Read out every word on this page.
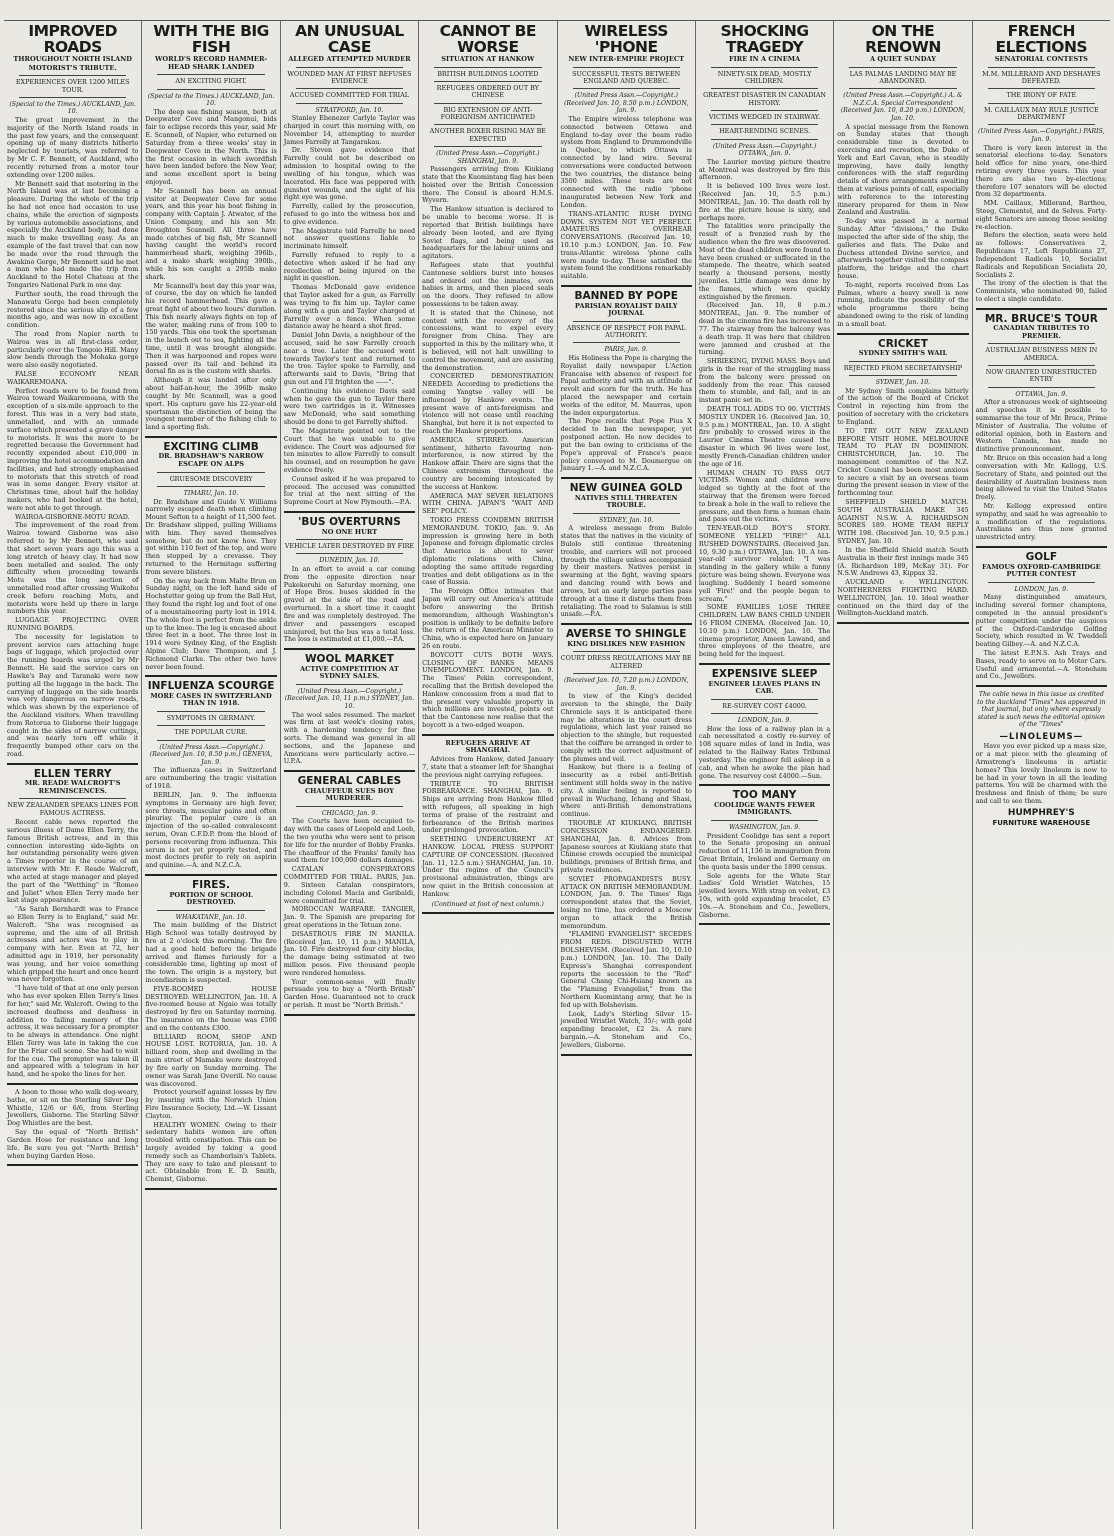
IMPROVED ROADS
THROUGHOUT NORTH ISLAND
MOTORIST'S TRIBUTE.
EXPERIENCES OVER 1200 MILES TOUR.
(Special to the Times.) AUCKLAND, Jan. 10.

The great improvement in the majority of the North Island roads in the past few years, and the consequent opening up of many districts hitherto neglected by tourists, was referred to by Mr C. F. Bennett, of Auckland, who recently returned from a motor tour extending over 1200 miles.

Mr Bennett said that motoring in the North Island was at last becoming a pleasure. During the whole of the trip he had not once had occasion to use chains, while the erection of signposts by various automobile associations, and especially the Auckland body, had done much to make travelling easy. As an example of the fast travel that can now be made over the road through the Awakino Gorge, Mr Bennett said he met a man who had made the trip from Auckland to the Hotel Chateau at the Tongariro National Park in one day.

Further south, the road through the Manawatu Gorge had been completely restored since the serious slip of a few months ago, and was now in excellent condition.

The road from Napier north to Wairoa was in all first-class order, particularly over the Tongoio Hill. Many slow bends through the Mohaka gorge were also easily negotiated.

FALSE ECONOMY NEAR WAIKAREMOANA.

Perfect roads were to be found from Wairoa toward Waikaremoana, with the exception of a six-mile approach to the forest. This was in a very bad state, unmetalled, and with an unmade surface which presented a grave danger to motorists. It was the more to be regretted because the Government had recently expended about £10,000 in improving the hotel accommodation and facilities, and had strongly emphasised to motorists that this stretch of road was in some danger. Every visitor at Christmas time, about half the holiday makers, who had booked at the hotel, were not able to get through.

WAIROA-GISBORNE-MOTU ROAD.

The improvement of the road from Wairoa toward Gisborne was also referred to by Mr Bennett, who said that short seven years ago this was a long stretch of heavy clay. It had now been metalled and sealed. The only difficulty when proceeding towards Motu was the long section of unmetalled road after crossing Waikohu creek before reaching Motu, and motorists were held up there in large numbers this year.

LUGGAGE PROJECTING OVER RUNNING BOARDS.

The necessity for legislation to prevent service cars attaching huge bags of luggage, which projected over the running boards was urged by Mr Bennett. He said the service cars on Hawke's Bay and Taranaki were now putting all the luggage in the back. The carrying of luggage on the side boards was very dangerous on narrow roads, which was shown by the experience of the Auckland visitors. When travelling from Rotorua to Gisborne their luggage caught in the sides of narrow cuttings, and was nearly torn off while it frequently bumped other cars on the road.

ELLEN TERRY
MR. READE WALCROFT'S REMINISCENCES.
NEW ZEALANDER SPEAKS LINES FOR FAMOUS ACTRESS.

Recent cable news reported the serious illness of Dame Ellen Terry, the famous British actress, and in this connection interesting side-lights on her outstanding personality were given a Times reporter in the course of an interview with Mr. F. Reade Walcroft, who acted at stage manager and played the part of the "Wetthing" in "Romeo and Juliet" when Ellen Terry made her last stage appearance.

"As Sarah Bernhardt was to France so Ellen Terry is to England," said Mr. Walcroft. "She was recognised as supreme, and the aim of all British actresses and actors was to play in company with her. Even at 72, her admitted age in 1919, her personality was young, and her voice something which gripped the heart and once heard was never forgotten.

"I have told of that at one only person who has ever spoken Ellen Terry's lines for her," said Mr. Walcroft. Owing to the increased deafness and deafness in addition to failing memory of the actress, it was necessary for a prompter to be always in attendance. One night Ellen Terry was late in taking the cue for the Friar cell scene. She had to wait for the cue. The prompter was taken ill and appeared with a telegram in her hand, and he spoke the lines for her.

A boon to those who walk dog-weary, bathe, or sit on the Sterling Silver Dog Whistle, 12/6 or 6/6, from Sterling Jewellers, Gisborne. The Sterling Silver Dog Whistles are the best.

Say the equal of "North British" Garden Hose for resistance and long life. Be sure you get "North British" when buying Garden Hose.

WITH THE BIG FISH
WORLD'S RECORD HAMMER-HEAD SHARK LANDED
AN EXCITING FIGHT.
(Special to the Times.) AUCKLAND, Jan. 10.

The deep sea fishing season, both at Deepwater Cove and Mangonui, bids fair to eclipse records this year, said Mr E. Scannell, of Napier, who returned on Saturday from a three weeks' stay in Deepwater Cove in the North. This is the first occasion in which swordfish have been landed before the New Year, and some excellent sport is being enjoyed.

Mr Scannell has been an annual visitor at Deepwater Cove for some years, and this year his boat fishing in company with Captain J. Atwater, of the Union Company, and his son Mr. Broughton Scannell. All three have made catches of big fish, Mr Scannell having caught the world's record hammerhead shark, weighing 396lb., and a mako shark weighing 390lb., while his son caught a 295lb mako shark.

Mr Scannell's best day this year was, of course, the day on which he landed his record hammerhead. This gave a great fight of about two hours' duration. This fish nearly always fights on top of the water, making runs of from 100 to 150 yards. This one took the sportsman in the launch out to sea, fighting all the time, until it was brought alongside. Then it was harpooned and ropes were passed over its tail and behind its dorsal fin as is the custom with sharks.

Although it was landed after only about half-an-hour, the 396lb mako caught by Mr. Scannell, was a good sport. His capture gave his 22-year-old sportsman the distinction of being the youngest member of the fishing club to land a sporting fish.

EXCITING CLIMB
DR. BRADSHAW'S NARROW ESCAPE ON ALPS
GRUESOME DISCOVERY
TIMARU, Jan. 10.

Dr. Bradshaw and Guide V. Williams narrowly escaped death when climbing Mount Sefton to a height of 11,500 feet. Dr. Bradshaw slipped, pulling Williams with him. They saved themselves somehow, but do not know how. They got within 110 feet of the top, and were then stopped by a crevasse. They returned to the Hermitage suffering from severe blisters.

On the way back from Malte Brun on Sunday night, on the left hand side of Hochstetter going up from the Ball Hut, they found the right leg and foot of one of a mountaineering party lost in 1914. The whole foot is perfect from the ankle up to the knee. The leg is encased about three feet in a boot. The three lost in 1914 were Sydney King, of the English Alpine Club; Dave Thompson, and J. Richmond Clarke. The other two have never been found.

INFLUENZA SCOURGE
MORE CASES IN SWITZERLAND THAN IN 1918.
SYMPTOMS IN GERMANY.
THE POPULAR CURE.
(United Press Assn.—Copyright.) (Received Jan. 10, 8.50 p.m.) GENEVA, Jan. 9.

The influenza cases in Switzerland are outnumbering the tragic visitation of 1918.

BERLIN, Jan. 9. The influenza symptoms in Germany are high fever, sore throats, muscular pains and often pleurisy. The popular cure is an injection of the so-called convalescent serum, Ovan C.F.D.P. from the blood of persons recovering from influenza. This serum is not yet properly tested, and most doctors prefer to rely on aspirin and quinine.—A. and N.Z.C.A.

FIRES.
PORTION OF SCHOOL DESTROYED.
WHAKATANE, Jan. 10.

The main building of the District High School was totally destroyed by fire at 2 o'clock this morning. The fire had a good hold before the brigade arrived and flames furiously for a considerable time, lighting up most of the town. The origin is a mystery, but incendiarism is suspected.

FIVE-ROOMED HOUSE DESTROYED. WELLINGTON, Jan. 10. A five-roomed house at Ngaio was totally destroyed by fire on Saturday morning. The insurance on the house was £500 and on the contents £300.

BILLIARD ROOM, SHOP AND HOUSE LOST. ROTORUA, Jan. 10. A billiard room, shop and dwelling in the main street of Mamaku were destroyed by fire early on Sunday morning. The owner was Sarah Jane Overill. No cause was discovered.

Protect yourself against losses by fire by insuring with the Norwich Union Fire Insurance Society, Ltd.—W. Lissant Clayton.

HEALTHY WOMEN. Owing to their sedentary habits women are often troubled with constipation. This can be largely avoided by taking a good remedy such as Chamberlain's Tablets. They are easy to take and pleasant to act. Obtainable from E. D. Smith, Chemist, Gisborne.

AN UNUSUAL CASE
ALLEGED ATTEMPTED MURDER
WOUNDED MAN AT FIRST REFUSES EVIDENCE
ACCUSED COMMITTED FOR TRIAL
STRATFORD, Jan. 10.

Stanley Ebenezer Carlyle Taylor was charged in court this morning with, on November 14, attempting to murder James Farrelly at Tangarakau.

Dr. Steven gave evidence that Farrelly could not be described on admission to hospital owing to the swelling of his tongue, which was lacerated. His face was peppered with gunshot wounds, and the sight of his right eye was gone.

Farrelly, called by the prosecution, refused to go into the witness box and to give evidence.

The Magistrate told Farrelly he need not answer questions liable to incriminate himself.

Farrelly refused to reply to a detective when asked if he had any recollection of being injured on the night in question.

Thomas McDonald gave evidence that Taylor asked for a gun, as Farrelly was trying to fix him up. Taylor came along with a gun and Taylor charged at Farrelly over a fence. When some distance away he heard a shot fired.

Daniel John Davis, a neighbour of the accused, said he saw Farrelly crouch near a tree. Later the accused went towards Taylor's tent and returned to the tree. Taylor spoke to Farrelly, and afterwards said to Davis, "Bring that gun out and I'll frighten the ——".

Continuing his evidence Davis said when he gave the gun to Taylor there were two cartridges in it. Witnesses saw McDonald, who said something should be done to get Farrelly shifted.

The Magistrate pointed out to the Court that he was unable to give evidence. The Court was adjourned for ten minutes to allow Farrelly to consult his counsel, and on resumption he gave evidence freely.

Counsel asked if he was prepared to proceed. The accused was committed for trial at the next sitting of the Supreme Court at New Plymouth.—P.A.

'BUS OVERTURNS
NO ONE HURT
VEHICLE LATER DESTROYED BY FIRE
DUNEDIN, Jan. 10.

In an effort to avoid a car coming from the opposite direction near Pukekeruhi on Saturday morning, one of Hope Bros. buses skidded in the gravel at the side of the road and overturned. In a short time it caught fire and was completely destroyed. The driver and passengers escaped uninjured, but the bus was a total loss. The loss is estimated at £1,000.—P.A.

WOOL MARKET
ACTIVE COMPETITION AT SYDNEY SALES.
(United Press Assn.—Copyright.) (Received Jan. 10, 11 p.m.) SYDNEY, Jan. 10.

The wool sales resumed. The market was firm at last week's closing rates, with a hardening tendency for fine sorts. The demand was general in all sections, and the Japanese and Americans were particularly active.—U.P.A.

GENERAL CABLES
CHAUFFEUR SUES BOY MURDERER.
CHICAGO, Jan. 9.

The Courts have been occupied to-day with the cases of Leopold and Loeb, the two youths who were sent to prison for life for the murder of Bobby Franks. The chauffeur of the Franks' family has sued them for 100,000 dollars damages.

CATALAN CONSPIRATORS COMMITTED FOR TRIAL. PARIS, Jan. 9. Sixteen Catalan conspirators, including Colonel Macia and Garibaldi, were committed for trial.

MOROCCAN WARFARE. TANGIER, Jan. 9. The Spanish are preparing for great operations in the Tetuan zone.

DISASTROUS FIRE IN MANILA. (Received Jan. 10, 11 p.m.) MANILA, Jan. 10. Fire destroyed four city blocks, the damage being estimated at two million pesos. Five thousand people were rendered homeless.

Your common-sense will finally persuade you to buy a "North British" Garden Hose. Guaranteed not to crack or perish. It must be "North British."

CANNOT BE WORSE
SITUATION AT HANKOW
BRITISH BUILDINGS LOOTED
REFUGEES ORDERED OUT BY CHINESE
BIG EXTENSION OF ANTI-FOREIGNISM ANTICIPATED
ANOTHER BOXER RISING MAY BE EXPECTED
(United Press Assn.—Copyright.) SHANGHAI, Jan. 9.

Passengers arriving from Kiukiang state that the Kuomintang flag has been hoisted over the British Concession there. The Consul is aboard H.M.S. Wyvern.

The Hankow situation is declared to be unable to become worse. It is reported that British buildings have already been looted, and are flying Soviet flags, and being used as headquarters for the labour unions and agitators.

Refugees state that youthful Cantonese soldiers burst into houses and ordered out the inmates, even babies in arms, and then placed seals on the doors. They refused to allow possessions to be taken away.

It is stated that the Chinese, not content with the recovery of the concessions, want to expel every foreigner from China. They are supported in this by the military who, it is believed, will not halt unwilling to control the movement, and are assisting the demonstration.

CONCERTED DEMONSTRATION NEEDED. According to predictions the coming Yangtse valley will be influenced by Hankow events. The present wave of anti-foreignism and violence will not cease until reaching Shanghai, but here it is not expected to reach the Hankow proportions.

AMERICA STIRRED. American sentiment, hitherto favouring non-interference, is now stirred by the Hankow affair. There are signs that the Chinese extremism throughout the country are becoming intoxicated by the success at Hankow.

AMERICA MAY SEVER RELATIONS WITH CHINA. JAPAN'S "WAIT AND SEE" POLICY.

TOKIO PRESS CONDEMN BRITISH MEMORANDUM. TOKIO, Jan. 9. An impression is growing here in both Japanese and foreign diplomatic circles that America is about to sever diplomatic relations with China, adopting the same attitude regarding treaties and debt obligations as in the case of Russia.

The Foreign Office intimates that Japan will carry out America's attitude before answering the British memorandum, although Washington's position is unlikely to be definite before the return of the American Minister to China, who is expected here on January 26 en route.

BOYCOTT CUTS BOTH WAYS. CLOSING OF BANKS MEANS UNEMPLOYMENT. LONDON, Jan. 9. The Times' Pekin correspondent, recalling that the British developed the Hankow concession from a mud flat to the present very valuable property in which millions are invested, points out that the Cantonese now realise that the boycott is a two-edged weapon.

REFUGEES ARRIVE AT SHANGHAI.

Advices from Hankow, dated January 7, state that a steamer left for Shanghai the previous night carrying refugees.

TRIBUTE TO BRITISH FORBEARANCE. SHANGHAI, Jan. 9. Ships are arriving from Hankow filled with refugees, all speaking in high terms of praise of the restraint and forbearance of the British marines under prolonged provocation.

SEETHING UNDERCURRENT AT HANKOW. LOCAL PRESS SUPPORT CAPTURE OF CONCESSION. (Received Jan. 11, 12.5 a.m.) SHANGHAI, Jan. 10. Under the regime of the Council's provisional administration, things are now quiet in the British concession at Hankow.

(Continued at foot of next column.)
WIRELESS 'PHONE
NEW INTER-EMPIRE PROJECT
SUCCESSFUL TESTS BETWEEN ENGLAND AND QUEBEC.
(United Press Assn.—Copyright.) (Received Jan. 10, 8.50 p.m.) LONDON, Jan. 9.

The Empire wireless telephone was connected between Ottawa and England to-day over the beam radio system from England to Drummondville in Quebec, to which Ottawa is connected by land wire. Several conversations were conducted between the two countries, the distance being 3500 miles. These tests are not connected with the radio 'phone inaugurated between New York and London.

TRANS-ATLANTIC RUSH DYING DOWN. SYSTEM NOT YET PERFECT. AMATEURS OVERHEAR CONVERSATIONS. (Received Jan. 10, 10.10 p.m.) LONDON, Jan. 10. Few trans-Atlantic wireless 'phone calls were made to-day. These satisfied the system found the conditions remarkably suitable.

BANNED BY POPE
PARISIAN ROYALIST DAILY JOURNAL
ABSENCE OF RESPECT FOR PAPAL AUTHORITY.
PARIS, Jan. 9.

His Holiness the Pope is charging the Royalist daily newspaper L'Action Francaise with absence of respect for Papal authority and with an attitude of revolt and scorn for the truth. He has placed the newspaper and certain works of the editor, M. Maurras, upon the index expurgatorius.

The Pope recalls that Pope Pius X decided to ban the newspaper, yet postponed action. He now decides to put the ban owing to criticisms of the Pope's approval of France's peace policy conveyed to M. Doumergue on January 1.—A. and N.Z.C.A.

NEW GUINEA GOLD
NATIVES STILL THREATEN TROUBLE.
SYDNEY, Jan. 10.

A wireless message from Bulolo states that the natives in the vicinity of Bulolo still continue threatening trouble, and carriers will not proceed through the village unless accompanied by their masters. Natives persist in swarming at the fight, waving spears and dancing round with bows and arrows, but an early large parties pass through at a time it disturbs them from retaliating. The road to Salamua is still unsafe.—P.A.

AVERSE TO SHINGLE
KING DISLIKES NEW FASHION
COURT DRESS REGULATIONS MAY BE ALTERED
(Received Jan. 10, 7.20 p.m.) LONDON, Jan. 9.

In view of the King's decided aversion to the shingle, the Daily Chronicle says it is anticipated there may be alterations in the court dress regulations, which last year raised no objection to the shingle, but requested that the coiffure be arranged in order to comply with the correct adjustment of the plumes and veil.

Hankow, but there is a feeling of insecurity as a rebel anti-British sentiment still holds sway in the native city. A similar feeling is reported to prevail in Wuchang, Ichang and Shasi, where anti-British demonstrations continue.

TROUBLE AT KIUKIANG. BRITISH CONCESSION ENDANGERED. SHANGHAI, Jan. 8. Advices from Japanese sources at Kiukiang state that Chinese crowds occupied the municipal buildings, premises of British firms, and private residences.

SOVIET PROPAGANDISTS BUSY. ATTACK ON BRITISH MEMORANDUM. LONDON, Jan. 9. The Times' Riga correspondent states that the Soviet, losing no time, has ordered a Moscow organ to attack the British memorandum.

"FLAMING EVANGELIST" SECEDES FROM REDS. DISGUSTED WITH BOLSHEVISM. (Received Jan. 10, 10.10 p.m.) LONDON, Jan. 10. The Daily Express's Shanghai correspondent reports the secession to the "Red" General Chang Chi-Hsiang known as the "Flaming Evangelist," from the Northern Kuomintang army, that he is fed up with Bolshevism.

Look, Lady's Sterling Silver 15-jewelled Wristlet Watch, 35/-; with gold expanding bracelet, £2 2s. A rare bargain.—A. Stoneham and Co., Jewellers, Gisborne.

SHOCKING TRAGEDY
FIRE IN A CINEMA
NINETY-SIX DEAD, MOSTLY CHILDREN.
GREATEST DISASTER IN CANADIAN HISTORY.
VICTIMS WEDGED IN STAIRWAY.
HEART-RENDING SCENES.
(United Press Assn.—Copyright.) OTTAWA, Jan. 9.

The Laurier moving picture theatre at Montreal was destroyed by fire this afternoon.

It is believed 100 lives were lost. (Received Jan. 10, 5.5 p.m.) MONTREAL, Jan. 10. The death roll by fire at the picture house is sixty, and perhaps more.

The fatalities were principally the result of a frenzied rush by the audience when the fire was discovered. Most of the dead children were found to have been crushed or suffocated in the stampede. The theatre, which seated nearly a thousand persons, mostly juveniles. Little damage was done by the flames, which were quickly extinguished by the firemen.

(Received Jan. 10, 8 p.m.) MONTREAL, Jan. 9. The number of dead in the cinema fire has increased to 77. The stairway from the balcony was a death trap. It was here that children were jammed and crushed at the turning.

SHRIEKING, DYING MASS. Boys and girls in the rear of the struggling mass from the balcony were pressed on suddenly from the rear. This caused them to stumble, and fall, and in an instant panic set in.

DEATH TOLL ADDS TO 90. VICTIMS MOSTLY UNDER 16. (Received Jan. 10, 9.5 p.m.) MONTREAL, Jan. 10. A slight fire probably to crossed wires in the Laurier Cinema Theatre caused the disaster in which 96 lives were lost, mostly French-Canadian children under the age of 16.

HUMAN CHAIN TO PASS OUT VICTIMS. Women and children were lodged so tightly at the foot of the stairway that the firemen were forced to break a hole in the wall to relieve the pressure, and then form a human chain and pass out the victims.

TEN-YEAR-OLD BOY'S STORY. SOMEONE YELLED "FIRE!" ALL RUSHED DOWNSTAIRS. (Received Jan. 10, 9.30 p.m.) OTTAWA, Jan. 10. A ten-year-old survivor related: "I was standing in the gallery while a funny picture was being shown. Everyone was laughing. Suddenly I heard someone yell 'Fire!' and the people began to scream."

SOME FAMILIES LOSE THREE CHILDREN. LAW BANS CHILD UNDER 16 FROM CINEMA. (Received Jan. 10, 10.10 p.m.) LONDON, Jan. 10. The cinema proprietor, Ameen Lawand, and three employees of the theatre, are being held for the inquest.

EXPENSIVE SLEEP
ENGINEER LEAVES PLANS IN CAB.
RE-SURVEY COST £4000.
LONDON, Jan. 9.

How the loss of a railway plan in a cab necessitated a costly re-survey of 108 square miles of land in India, was related to the Railway Rates Tribunal yesterday. The engineer fell asleep in a cab, and when he awoke the plan had gone. The resurvey cost £4000.—Sun.

TOO MANY
COOLIDGE WANTS FEWER IMMIGRANTS.
WASHINGTON, Jan. 9.

President Coolidge has sent a report to the Senate proposing an annual reduction of 11,136 in immigration from Great Britain, Ireland and Germany on the quota basis under the 1890 census.

Sole agents for the White Star Ladies' Gold Wristlet Watches, 15 jewelled levers. With strap on velvet, £3 10s, with gold expanding bracelet, £5 10s.—A. Stoneham and Co., Jewellers, Gisborne.

ON THE RENOWN
A QUIET SUNDAY
LAS PALMAS LANDING MAY BE ABANDONED.
(United Press Assn.—Copyright.) A. & N.Z.C.A. Special Correspondent (Received Jan. 10, 8.20 p.m.) LONDON, Jan. 10.

A special message from the Renown on Sunday states that though considerable time is devoted to exercising and recreation, the Duke of York and Earl Cavan, who is steadily improving, have daily lengthy conferences with the staff regarding details of shore arrangements awaiting them at various points of call, especially with reference to the interesting itinerary prepared for them in New Zealand and Australia.

To-day was passed in a normal Sunday. After "divisions," the Duke inspected the after side of the ship, the galleries and flats. The Duke and Duchess attended Divine service, and afterwards together visited the compass platform, the bridge and the chart house.

To-night, reports received from Las Palmas, where a heavy swell is now running, indicate the possibility of the whole programme there being abandoned owing to the risk of landing in a small boat.

CRICKET
SYDNEY SMITH'S WAIL
REJECTED FROM SECRETARYSHIP
SYDNEY, Jan. 10.

Mr Sydney Smith complains bitterly of the action of the Board of Cricket Control in rejecting him from the position of secretary with the cricketers to England.

TO TRY OUT NEW ZEALAND BEFORE VISIT HOME. MELBOURNE TEAM TO PLAY IN DOMINION. CHRISTCHURCH, Jan. 10. The management committee of the N.Z. Cricket Council has been most anxious to secure a visit by an overseas team during the present season in view of the forthcoming tour.

SHEFFIELD SHIELD MATCH. SOUTH AUSTRALIA MAKE 345 AGAINST N.S.W. A. RICHARDSON SCORES 189. HOME TEAM REPLY WITH 198. (Received Jan. 10, 9.5 p.m.) SYDNEY, Jan. 10.

In the Sheffield Shield match South Australia in their first innings made 345 (A. Richardson 189, McKay 31). For N.S.W. Andrews 43, Kippax 32.

AUCKLAND v. WELLINGTON. NORTHERNERS FIGHTING HARD. WELLINGTON, Jan. 10. Ideal weather continued on the third day of the Wellington-Auckland match.

FRENCH ELECTIONS
SENATORIAL CONTESTS
M.M. MILLERAND AND DESHAYES DEFEATED.
THE IRONY OF FATE
M. CAILLAUX MAY RULE JUSTICE DEPARTMENT
(United Press Assn.—Copyright.) PARIS, Jan. 9.

There is very keen interest in the senatorial elections to-day. Senators hold office for nine years, one-third retiring every three years. This year there are also two by-elections; therefore 107 senators will be elected from 32 departments.

MM. Caillaux, Millerand, Barthou, Steeg, Clementel, and de Selves. Forty-eight Senators are among those seeking re-election.

Before the election, seats were held as follows: Conservatives 2, Republicans 17, Left Republicans 27, Independent Radicals 10, Socialist Radicals and Republican Socialists 20, Socialists 2.

The irony of the election is that the Communists, who nominated 90, failed to elect a single candidate.

MR. BRUCE'S TOUR
CANADIAN TRIBUTES TO PREMIER.
AUSTRALIAN BUSINESS MEN IN AMERICA.
NOW GRANTED UNRESTRICTED ENTRY
OTTAWA, Jan. 9.

After a strenuous week of sightseeing and speeches it is possible to summarise the tour of Mr. Bruce, Prime Minister of Australia. The volume of editorial opinion, both in Eastern and Western Canada, has made no distinctive pronouncement.

Mr. Bruce on this occasion had a long conversation with Mr. Kellogg, U.S. Secretary of State, and pointed out the desirability of Australian business men being allowed to visit the United States freely.

Mr. Kellogg expressed entire sympathy, and said he was agreeable to a modification of the regulations. Australians are thus now granted unrestricted entry.

GOLF
FAMOUS OXFORD-CAMBRIDGE PUTTER CONTEST
LONDON, Jan. 9.

Many distinguished amateurs, including several former champions, competed in the annual president's putter competition under the auspices of the Oxford-Cambridge Golfing Society, which resulted in W. Tweddell beating Gilbey.—A. and N.Z.C.A.

The latest E.P.N.S. Ash Trays and Bases, ready to serve on to Motor Cars. Useful and ornamental.—A. Stoneham and Co., Jewellers.

The cable news in this issue as credited to the Auckland "Times" has appeared in that journal, but only where expressly stated is such news the editorial opinion of the "Times"
—LINOLEUMS—

Have you ever picked up a mass size, or a mat piece with the gleaming of Armstrong's linoleums in artistic homes? This lovely linoleum is now to be had in your town in all the leading patterns. You will be charmed with the freshness and finish of them; be sure and call to see them.

HUMPHREY'S
FURNITURE WAREHOUSE
